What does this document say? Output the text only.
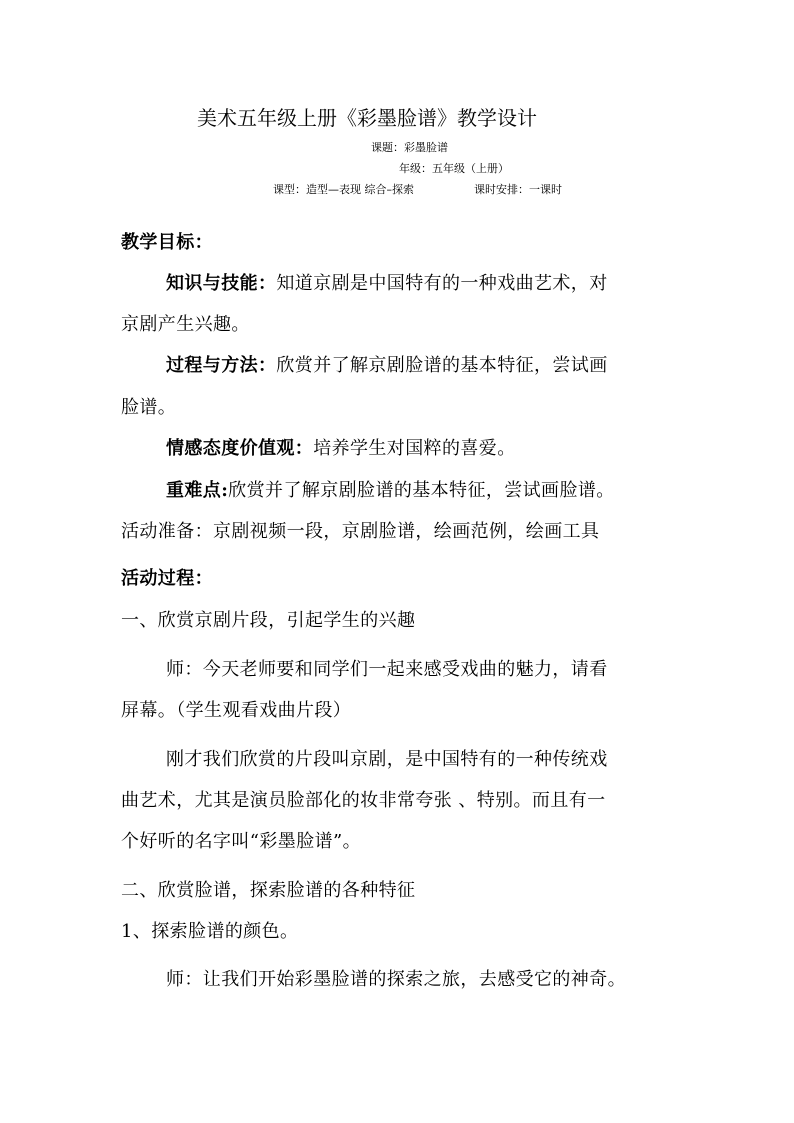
美术五年级上册《彩墨脸谱》教学设计
课题：彩墨脸谱
年级：五年级（上册）
课型：造型—表现 综合–探索	课时安排：一课时
教学目标：
知识与技能：知道京剧是中国特有的一种戏曲艺术，对
京剧产生兴趣。
过程与方法：欣赏并了解京剧脸谱的基本特征，尝试画
脸谱。
情感态度价值观：培养学生对国粹的喜爱。
重难点:欣赏并了解京剧脸谱的基本特征，尝试画脸谱。
活动准备：京剧视频一段，京剧脸谱，绘画范例，绘画工具
活动过程：
一、欣赏京剧片段，引起学生的兴趣
师：今天老师要和同学们一起来感受戏曲的魅力，请看
屏幕。（学生观看戏曲片段）
刚才我们欣赏的片段叫京剧，是中国特有的一种传统戏
曲艺术，尤其是演员脸部化的妆非常夸张 、特别。而且有一
个好听的名字叫“彩墨脸谱”。
二、欣赏脸谱，探索脸谱的各种特征
1、探索脸谱的颜色。
师：让我们开始彩墨脸谱的探索之旅，去感受它的神奇。
